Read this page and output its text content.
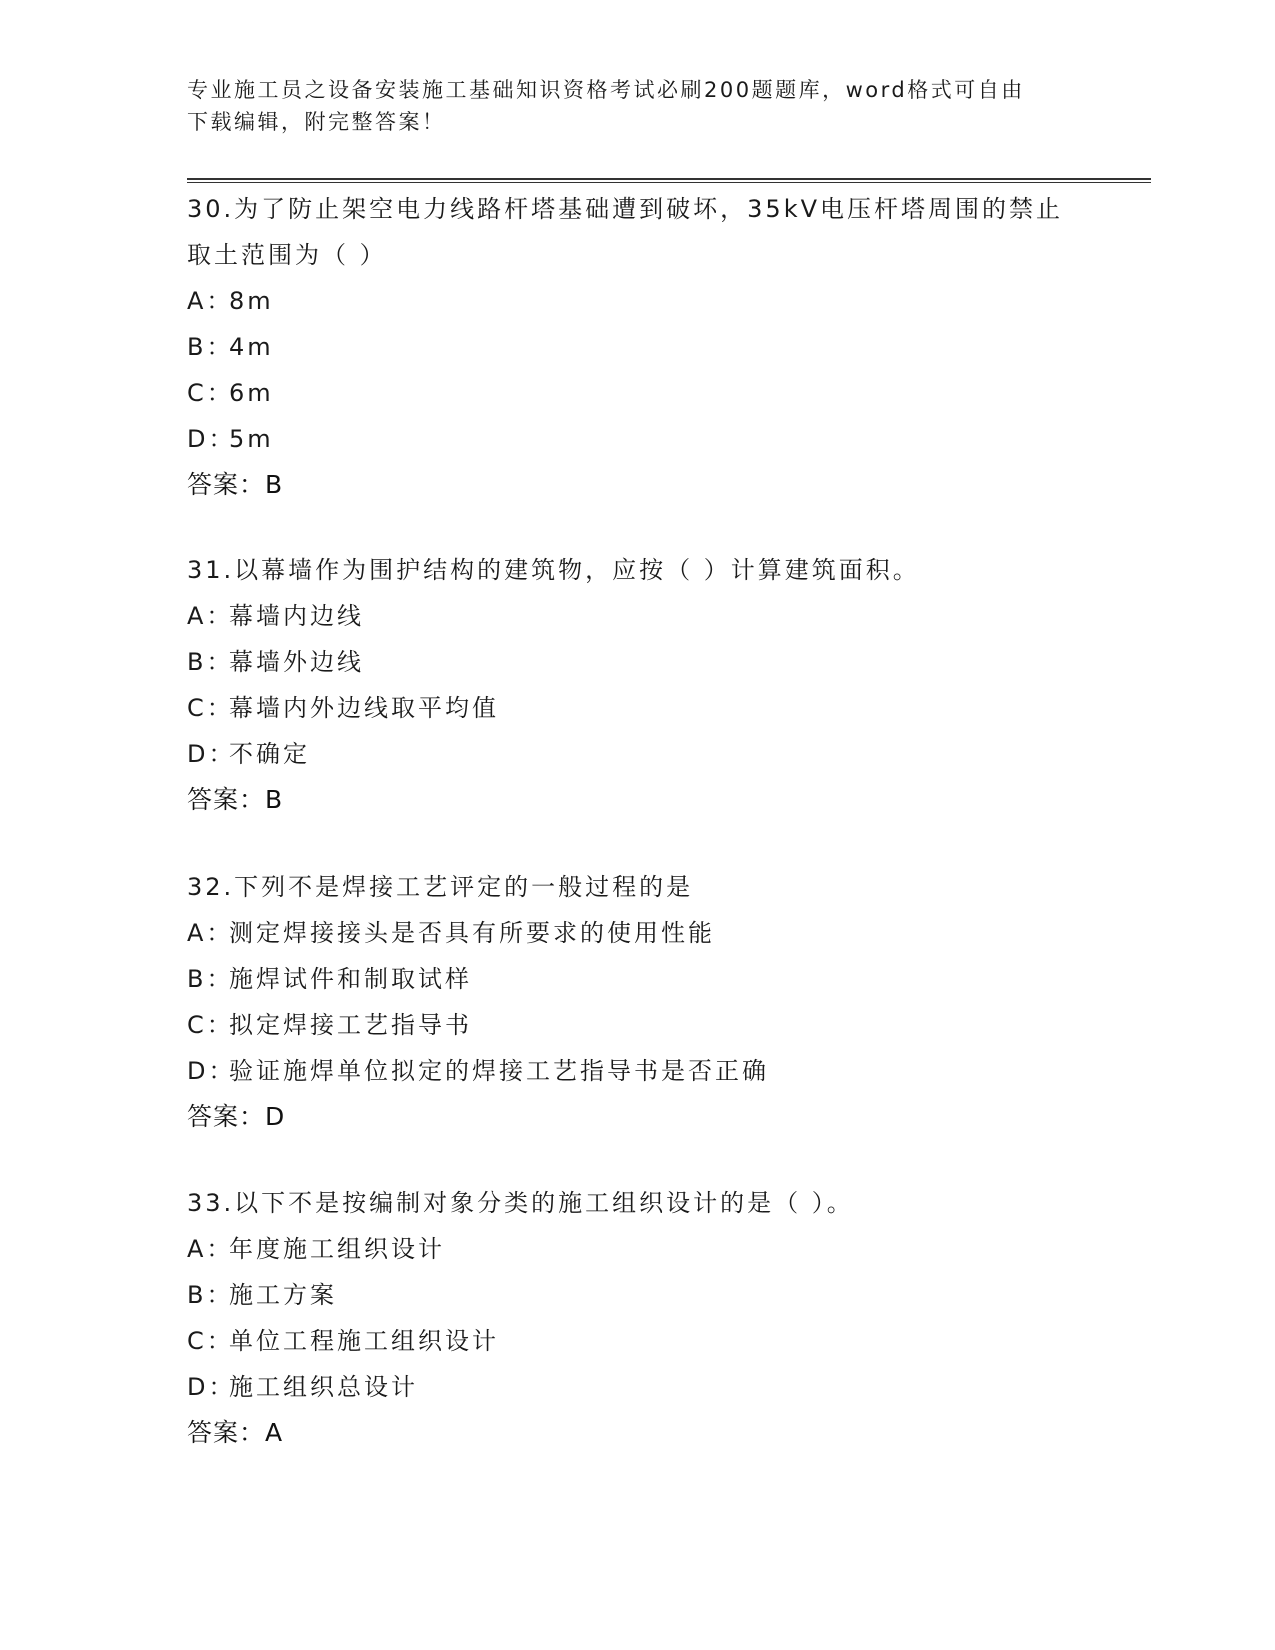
专业施工员之设备安装施工基础知识资格考试必刷200题题库，word格式可自由
下载编辑，附完整答案！
30.为了防止架空电力线路杆塔基础遭到破坏，35kV电压杆塔周围的禁止取土范围为（ ）
A：8m
B：4m
C：6m
D：5m
答案：B
31.以幕墙作为围护结构的建筑物，应按（ ）计算建筑面积。
A：幕墙内边线
B：幕墙外边线
C：幕墙内外边线取平均值
D：不确定
答案：B
32.下列不是焊接工艺评定的一般过程的是
A：测定焊接接头是否具有所要求的使用性能
B：施焊试件和制取试样
C：拟定焊接工艺指导书
D：验证施焊单位拟定的焊接工艺指导书是否正确
答案：D
33.以下不是按编制对象分类的施工组织设计的是（ ）。
A：年度施工组织设计
B：施工方案
C：单位工程施工组织设计
D：施工组织总设计
答案：A
